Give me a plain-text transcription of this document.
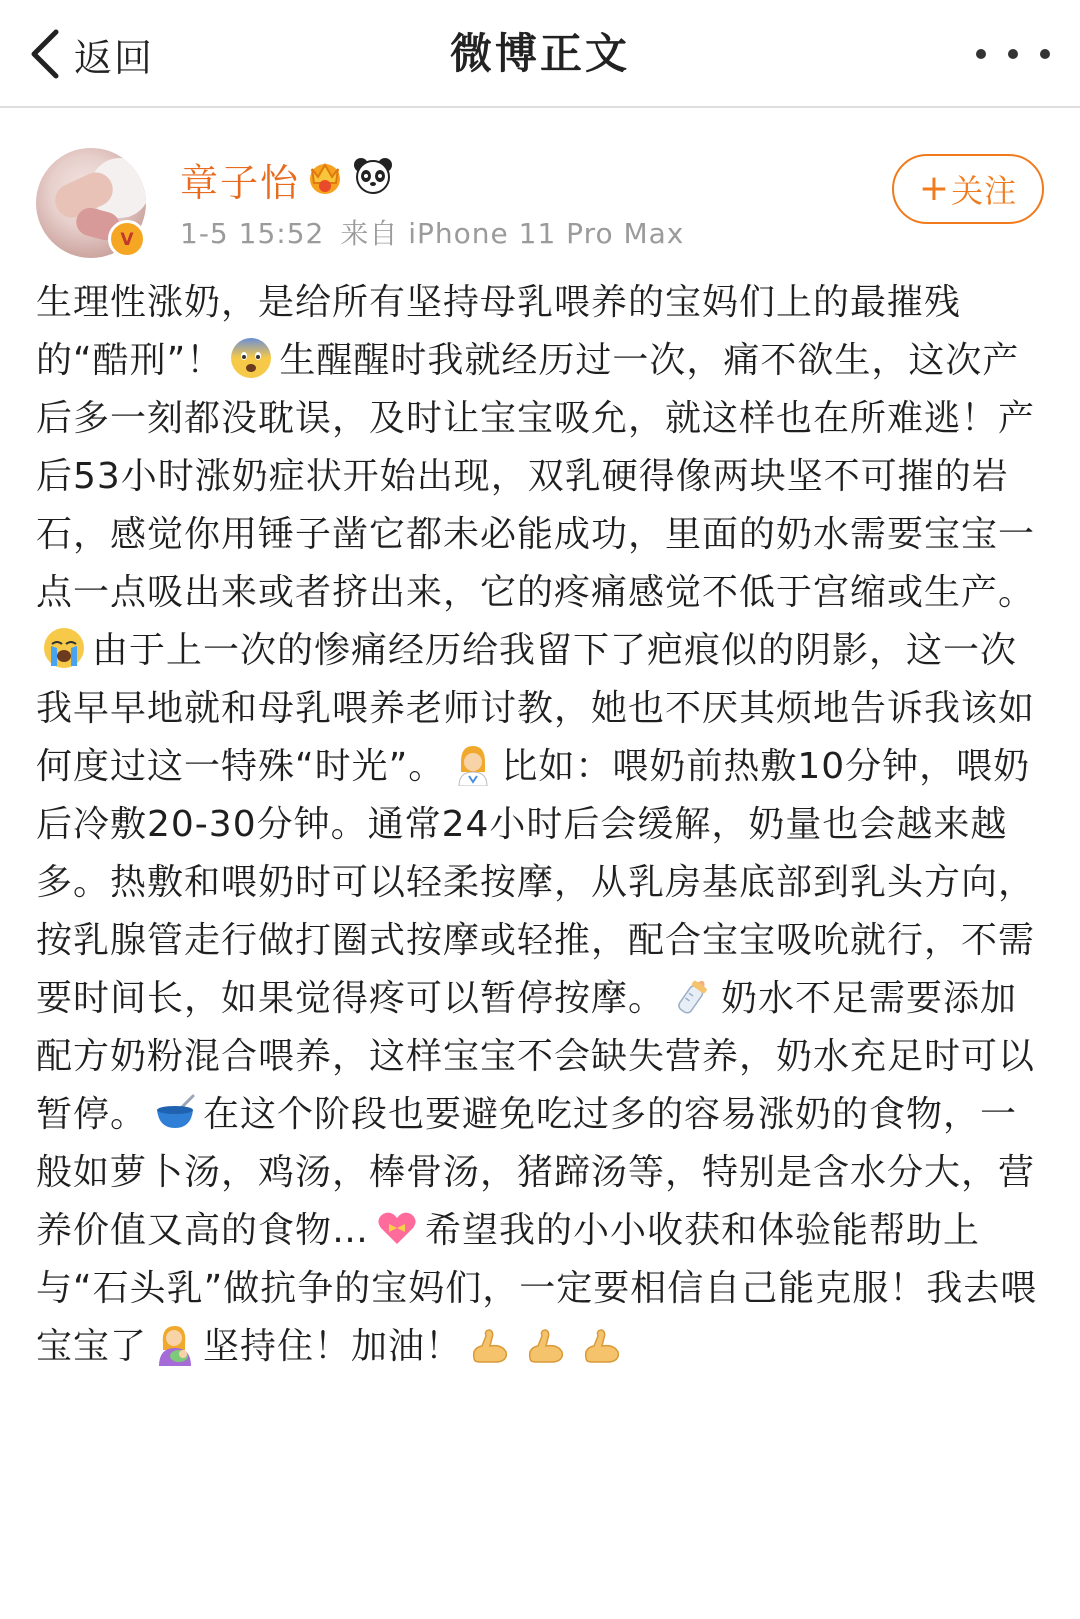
返回	微博正文
V
章子怡
1-5 15:52 来自 iPhone 11 Pro Max
+ 关注
生理性涨奶，是给所有坚持母乳喂养的宝妈们上的最摧残的“酷刑”！ 生醒醒时我就经历过一次，痛不欲生，这次产后多一刻都没耽误，及时让宝宝吸允，就这样也在所难逃！产后53小时涨奶症状开始出现，双乳硬得像两块坚不可摧的岩石，感觉你用锤子凿它都未必能成功，里面的奶水需要宝宝一点一点吸出来或者挤出来，它的疼痛感觉不低于宫缩或生产。
由于上一次的惨痛经历给我留下了疤痕似的阴影，这一次我早早地就和母乳喂养老师讨教，她也不厌其烦地告诉我该如何度过这一特殊“时光”。 比如：喂奶前热敷10分钟，喂奶后冷敷20-30分钟。通常24小时后会缓解，奶量也会越来越多。热敷和喂奶时可以轻柔按摩，从乳房基底部到乳头方向，按乳腺管走行做打圈式按摩或轻推，配合宝宝吸吮就行，不需要时间长，如果觉得疼可以暂停按摩。 奶水不足需要添加配方奶粉混合喂养，这样宝宝不会缺失营养，奶水充足时可以暂停。 在这个阶段也要避免吃过多的容易涨奶的食物，一般如萝卜汤，鸡汤，棒骨汤，猪蹄汤等，特别是含水分大，营养价值又高的食物… 希望我的小小收获和体验能帮助上与“石头乳”做抗争的宝妈们，一定要相信自己能克服！我去喂宝宝了 坚持住！加油！
